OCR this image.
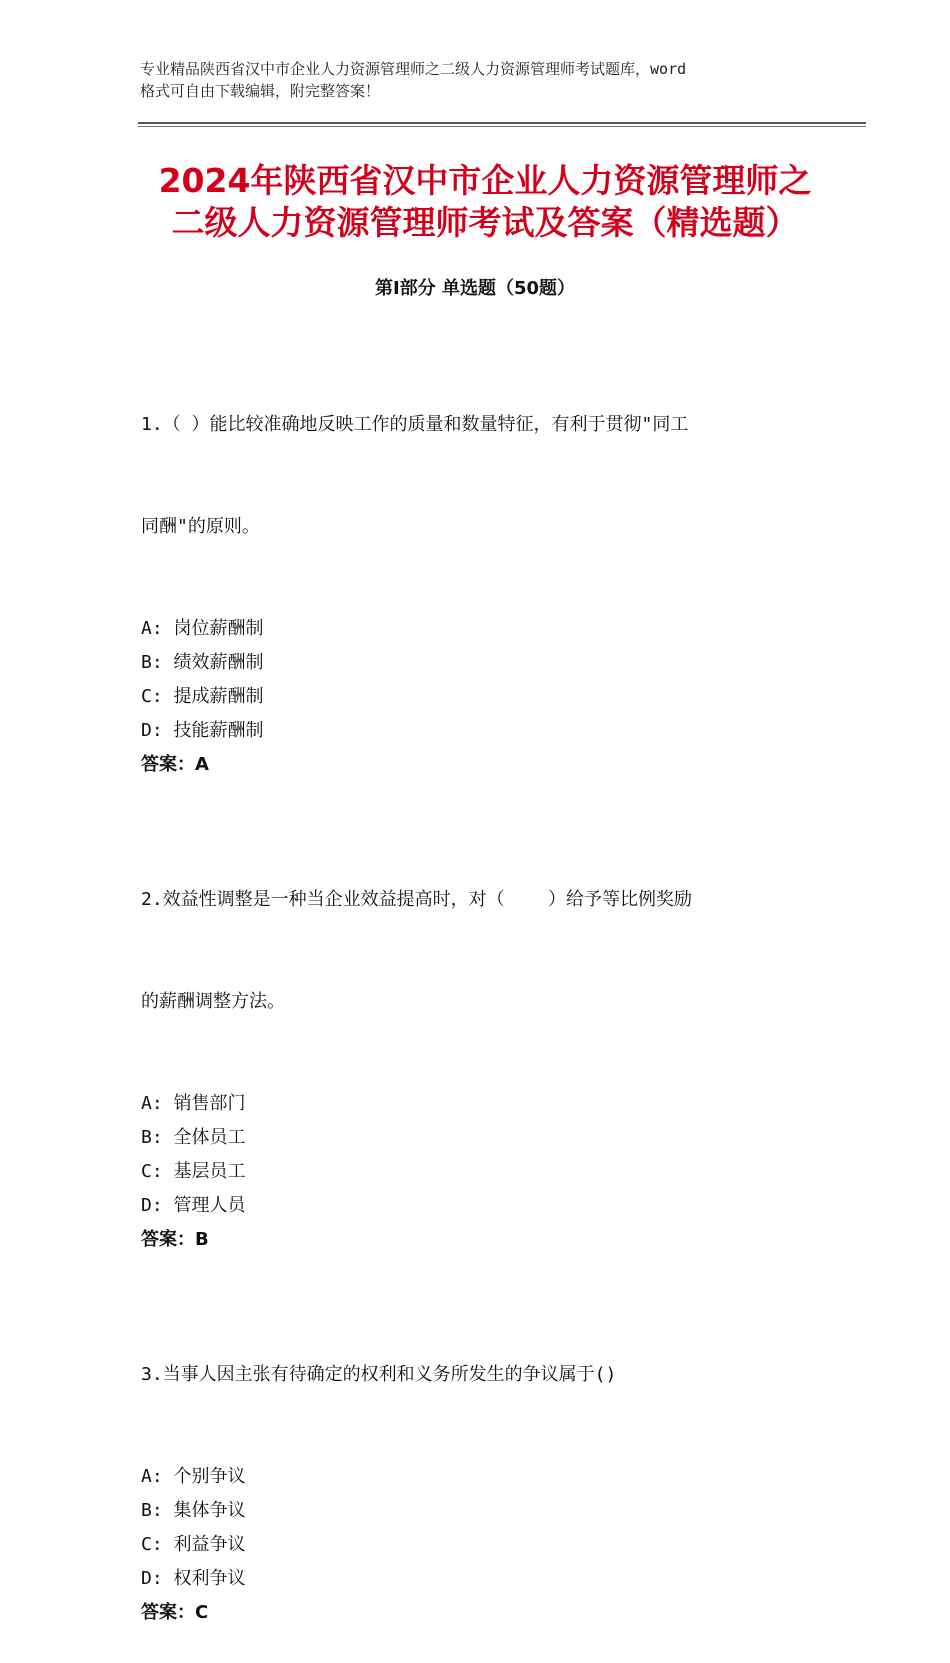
专业精品陕西省汉中市企业人力资源管理师之二级人力资源管理师考试题库，word
格式可自由下载编辑，附完整答案！
2024年陕西省汉中市企业人力资源管理师之
二级人力资源管理师考试及答案（精选题）
第Ⅰ部分 单选题（50题）

1.（ ）能比较准确地反映工作的质量和数量特征，有利于贯彻"同工

同酬"的原则。

A: 岗位薪酬制
B: 绩效薪酬制
C: 提成薪酬制
D: 技能薪酬制
答案：A

2.效益性调整是一种当企业效益提高时，对（    ）给予等比例奖励

的薪酬调整方法。

A: 销售部门
B: 全体员工
C: 基层员工
D: 管理人员
答案：B

3.当事人因主张有待确定的权利和义务所发生的争议属于()

A: 个别争议
B: 集体争议
C: 利益争议
D: 权利争议
答案：C
